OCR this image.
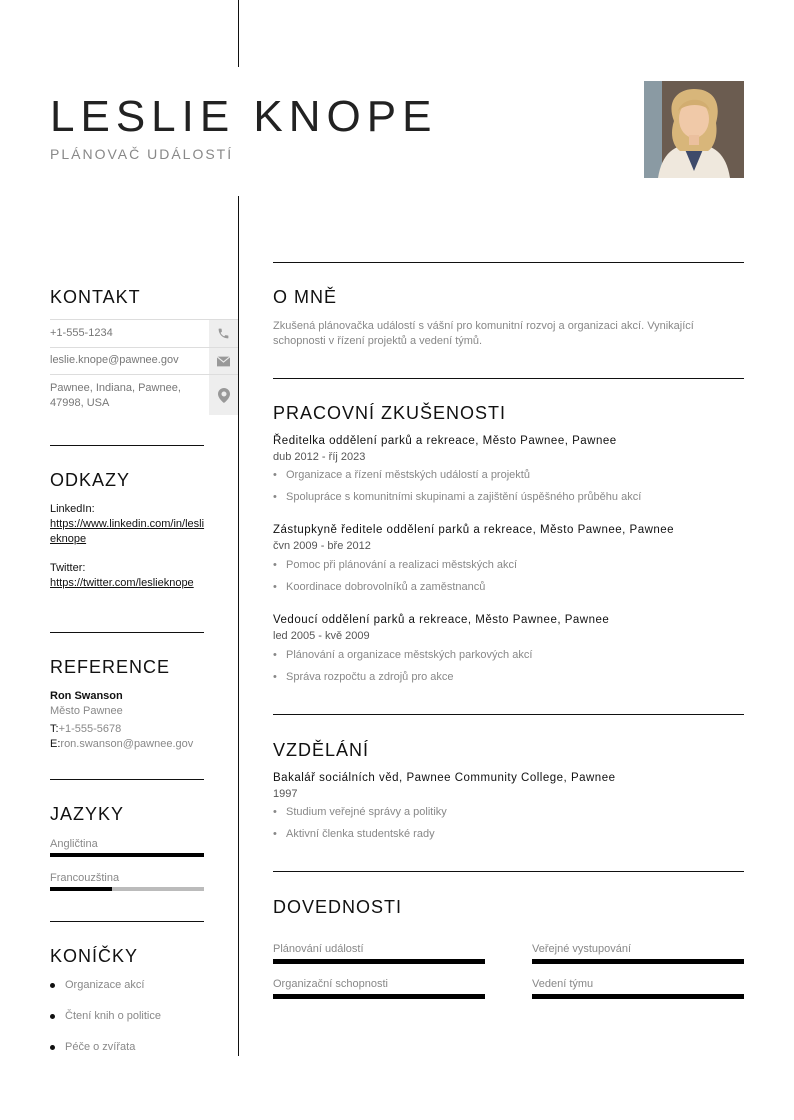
LESLIE KNOPE
PLÁNOVAČ UDÁLOSTÍ
KONTAKT
+1-555-1234
leslie.knope@pawnee.gov
Pawnee, Indiana, Pawnee, 47998, USA
ODKAZY
LinkedIn:
https://www.linkedin.com/in/leslieknope
Twitter:
https://twitter.com/leslieknope
REFERENCE
Ron Swanson
Město Pawnee
T:+1-555-5678
E:ron.swanson@pawnee.gov
JAZYKY
Angličtina
Francouzština
KONÍČKY
Organizace akcí
Čtení knih o politice
Péče o zvířata
O MNĚ
Zkušená plánovačka událostí s vášní pro komunitní rozvoj a organizaci akcí. Vynikající schopnosti v řízení projektů a vedení týmů.
PRACOVNÍ ZKUŠENOSTI
Ředitelka oddělení parků a rekreace, Město Pawnee, Pawnee
dub 2012 - říj 2023
• Organizace a řízení městských událostí a projektů
• Spolupráce s komunitními skupinami a zajištění úspěšného průběhu akcí
Zástupkyně ředitele oddělení parků a rekreace, Město Pawnee, Pawnee
čvn 2009 - bře 2012
• Pomoc při plánování a realizaci městských akcí
• Koordinace dobrovolníků a zaměstnanců
Vedoucí oddělení parků a rekreace, Město Pawnee, Pawnee
led 2005 - kvě 2009
• Plánování a organizace městských parkových akcí
• Správa rozpočtu a zdrojů pro akce
VZDĚLÁNÍ
Bakalář sociálních věd, Pawnee Community College, Pawnee
1997
• Studium veřejné správy a politiky
• Aktivní členka studentské rady
DOVEDNOSTI
Plánování událostí	Veřejné vystupování
Organizační schopnosti	Vedení týmu
